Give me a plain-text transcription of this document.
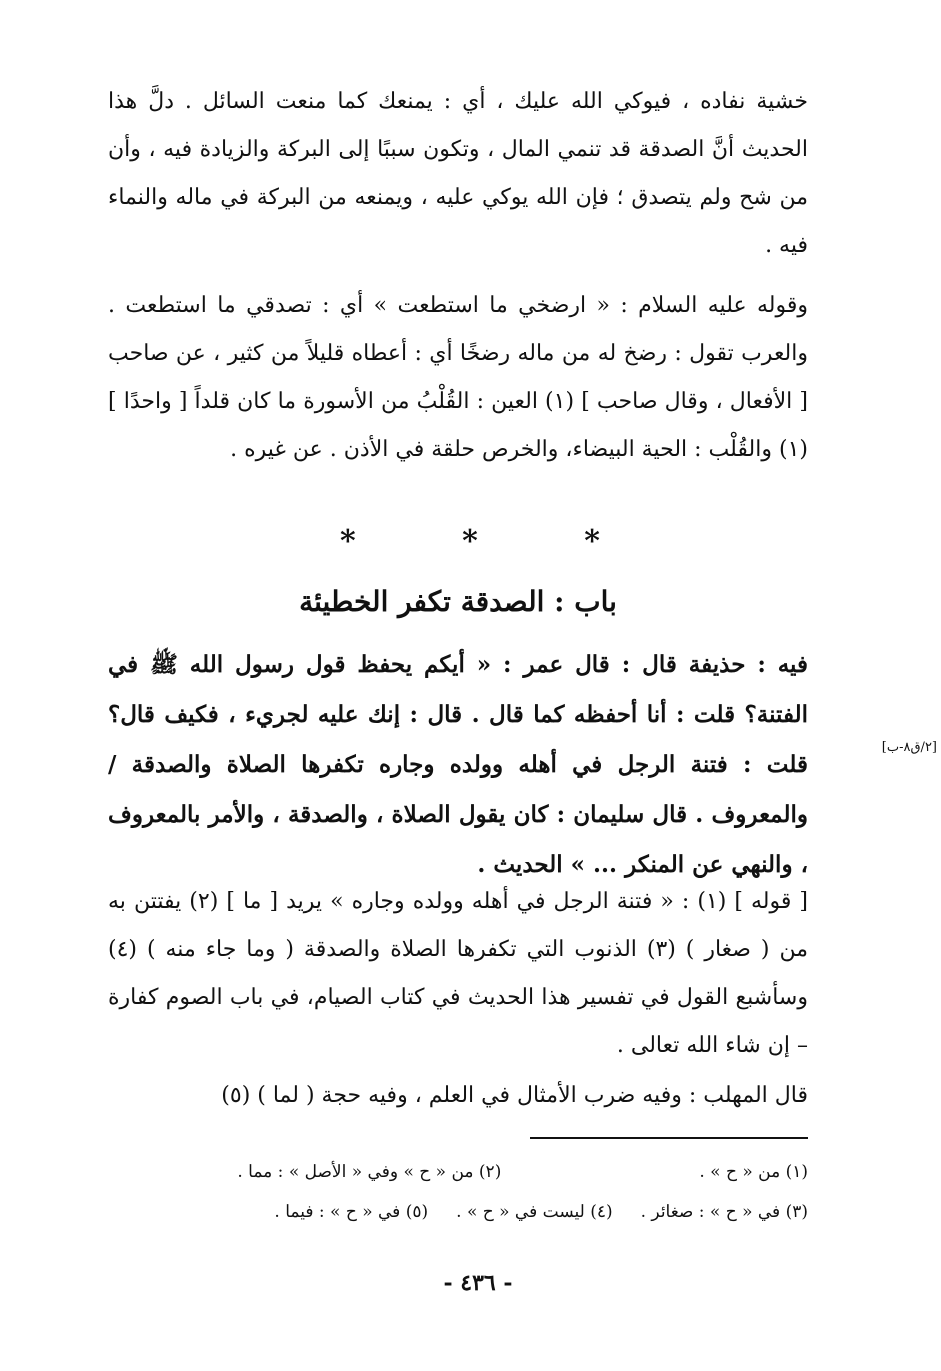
خشية نفاده ، فيوكي الله عليك ، أي : يمنعك كما منعت السائل . دلَّ هذا الحديث أنَّ الصدقة قد تنمي المال ، وتكون سببًا إلى البركة والزيادة فيه ، وأن من شح ولم يتصدق ؛ فإن الله يوكي عليه ، ويمنعه من البركة في ماله والنماء فيه .

وقوله عليه السلام : « ارضخي ما استطعت » أي : تصدقي ما استطعت . والعرب تقول : رضخ له من ماله رضخًا أي : أعطاه قليلاً من كثير ، عن صاحب [ الأفعال ، وقال صاحب ] (١) العين : القُلْبُ من الأسورة ما كان قلداً [ واحدًا ] (١) والقُلْب : الحية البيضاء، والخرص حلقة في الأذن . عن غيره .

*	*	*
باب : الصدقة تكفر الخطيئة

فيه : حذيفة قال : قال عمر : « أيكم يحفظ قول رسول الله ﷺ في الفتنة؟ قلت : أنا أحفظه كما قال . قال : إنك عليه لجريء ، فكيف قال؟ قلت : فتنة الرجل في أهله وولده وجاره تكفرها الصلاة والصدقة / والمعروف . قال سليمان : كان يقول الصلاة ، والصدقة ، والأمر بالمعروف ، والنهي عن المنكر ... » الحديث .

[٢/ق٨-ب]

[ قوله ] (١) : « فتنة الرجل في أهله وولده وجاره » يريد [ ما ] (٢) يفتتن به من ( صغار ) (٣) الذنوب التي تكفرها الصلاة والصدقة ( وما جاء منه ) (٤) وسأشبع القول في تفسير هذا الحديث في كتاب الصيام، في باب الصوم كفارة – إن شاء الله تعالى .

قال المهلب : وفيه ضرب الأمثال في العلم ، وفيه حجة ( لما ) (٥)

(١) من « ح » .
(٢) من « ح » وفي « الأصل » : مما .
(٣) في « ح » : صغائر .
(٤) ليست في « ح » .
(٥) في « ح » : فيما .
- ٤٣٦ -
